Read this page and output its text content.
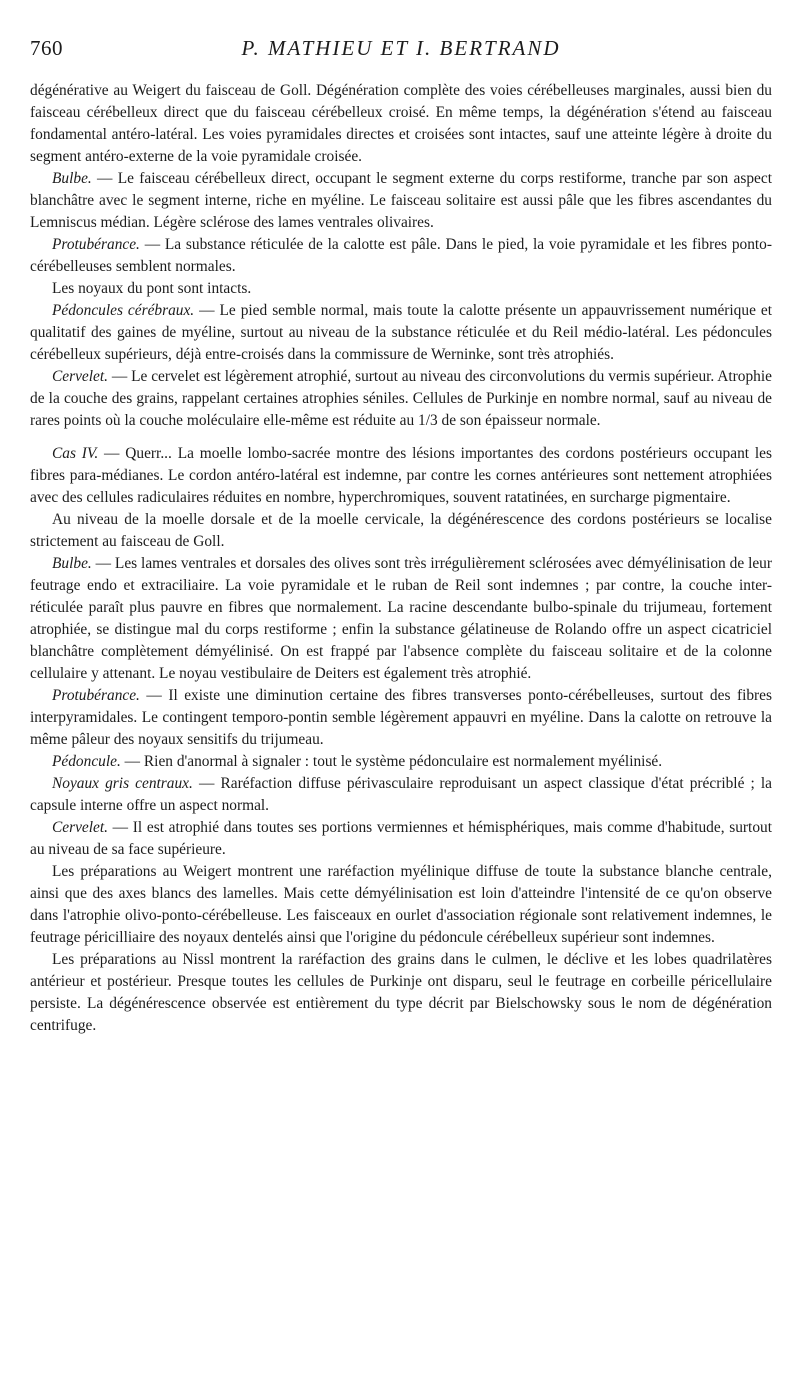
760	P. MATHIEU ET I. BERTRAND

dégénérative au Weigert du faisceau de Goll. Dégénération complète des voies cérébelleuses marginales, aussi bien du faisceau cérébelleux direct que du faisceau cérébelleux croisé. En même temps, la dégénération s'étend au faisceau fondamental antéro-latéral. Les voies pyramidales directes et croisées sont intactes, sauf une atteinte légère à droite du segment antéro-externe de la voie pyramidale croisée.

Bulbe. — Le faisceau cérébelleux direct, occupant le segment externe du corps restiforme, tranche par son aspect blanchâtre avec le segment interne, riche en myéline. Le faisceau solitaire est aussi pâle que les fibres ascendantes du Lemniscus médian. Légère sclérose des lames ventrales olivaires.

Protubérance. — La substance réticulée de la calotte est pâle. Dans le pied, la voie pyramidale et les fibres ponto-cérébelleuses semblent normales.

Les noyaux du pont sont intacts.

Pédoncules cérébraux. — Le pied semble normal, mais toute la calotte présente un appauvrissement numérique et qualitatif des gaines de myéline, surtout au niveau de la substance réticulée et du Reil médio-latéral. Les pédoncules cérébelleux supérieurs, déjà entre-croisés dans la commissure de Werninke, sont très atrophiés.

Cervelet. — Le cervelet est légèrement atrophié, surtout au niveau des circonvolutions du vermis supérieur. Atrophie de la couche des grains, rappelant certaines atrophies séniles. Cellules de Purkinje en nombre normal, sauf au niveau de rares points où la couche moléculaire elle-même est réduite au 1/3 de son épaisseur normale.

Cas IV. — Querr... La moelle lombo-sacrée montre des lésions importantes des cordons postérieurs occupant les fibres para-médianes. Le cordon antéro-latéral est indemne, par contre les cornes antérieures sont nettement atrophiées avec des cellules radiculaires réduites en nombre, hyperchromiques, souvent ratatinées, en surcharge pigmentaire.

Au niveau de la moelle dorsale et de la moelle cervicale, la dégénérescence des cordons postérieurs se localise strictement au faisceau de Goll.

Bulbe. — Les lames ventrales et dorsales des olives sont très irrégulièrement sclérosées avec démyélinisation de leur feutrage endo et extraciliaire. La voie pyramidale et le ruban de Reil sont indemnes ; par contre, la couche inter-réticulée paraît plus pauvre en fibres que normalement. La racine descendante bulbo-spinale du trijumeau, fortement atrophiée, se distingue mal du corps restiforme ; enfin la substance gélatineuse de Rolando offre un aspect cicatriciel blanchâtre complètement démyélinisé. On est frappé par l'absence complète du faisceau solitaire et de la colonne cellulaire y attenant. Le noyau vestibulaire de Deiters est également très atrophié.

Protubérance. — Il existe une diminution certaine des fibres transverses ponto-cérébelleuses, surtout des fibres interpyramidales. Le contingent temporo-pontin semble légèrement appauvri en myéline. Dans la calotte on retrouve la même pâleur des noyaux sensitifs du trijumeau.

Pédoncule. — Rien d'anormal à signaler : tout le système pédonculaire est normalement myélinisé.

Noyaux gris centraux. — Raréfaction diffuse périvasculaire reproduisant un aspect classique d'état précriblé ; la capsule interne offre un aspect normal.

Cervelet. — Il est atrophié dans toutes ses portions vermiennes et hémisphériques, mais comme d'habitude, surtout au niveau de sa face supérieure.

Les préparations au Weigert montrent une raréfaction myélinique diffuse de toute la substance blanche centrale, ainsi que des axes blancs des lamelles. Mais cette démyélinisation est loin d'atteindre l'intensité de ce qu'on observe dans l'atrophie olivo-ponto-cérébelleuse. Les faisceaux en ourlet d'association régionale sont relativement indemnes, le feutrage péricilliaire des noyaux dentelés ainsi que l'origine du pédoncule cérébelleux supérieur sont indemnes.

Les préparations au Nissl montrent la raréfaction des grains dans le culmen, le déclive et les lobes quadrilatères antérieur et postérieur. Presque toutes les cellules de Purkinje ont disparu, seul le feutrage en corbeille péricellulaire persiste. La dégénérescence observée est entièrement du type décrit par Bielschowsky sous le nom de dégénération centrifuge.
